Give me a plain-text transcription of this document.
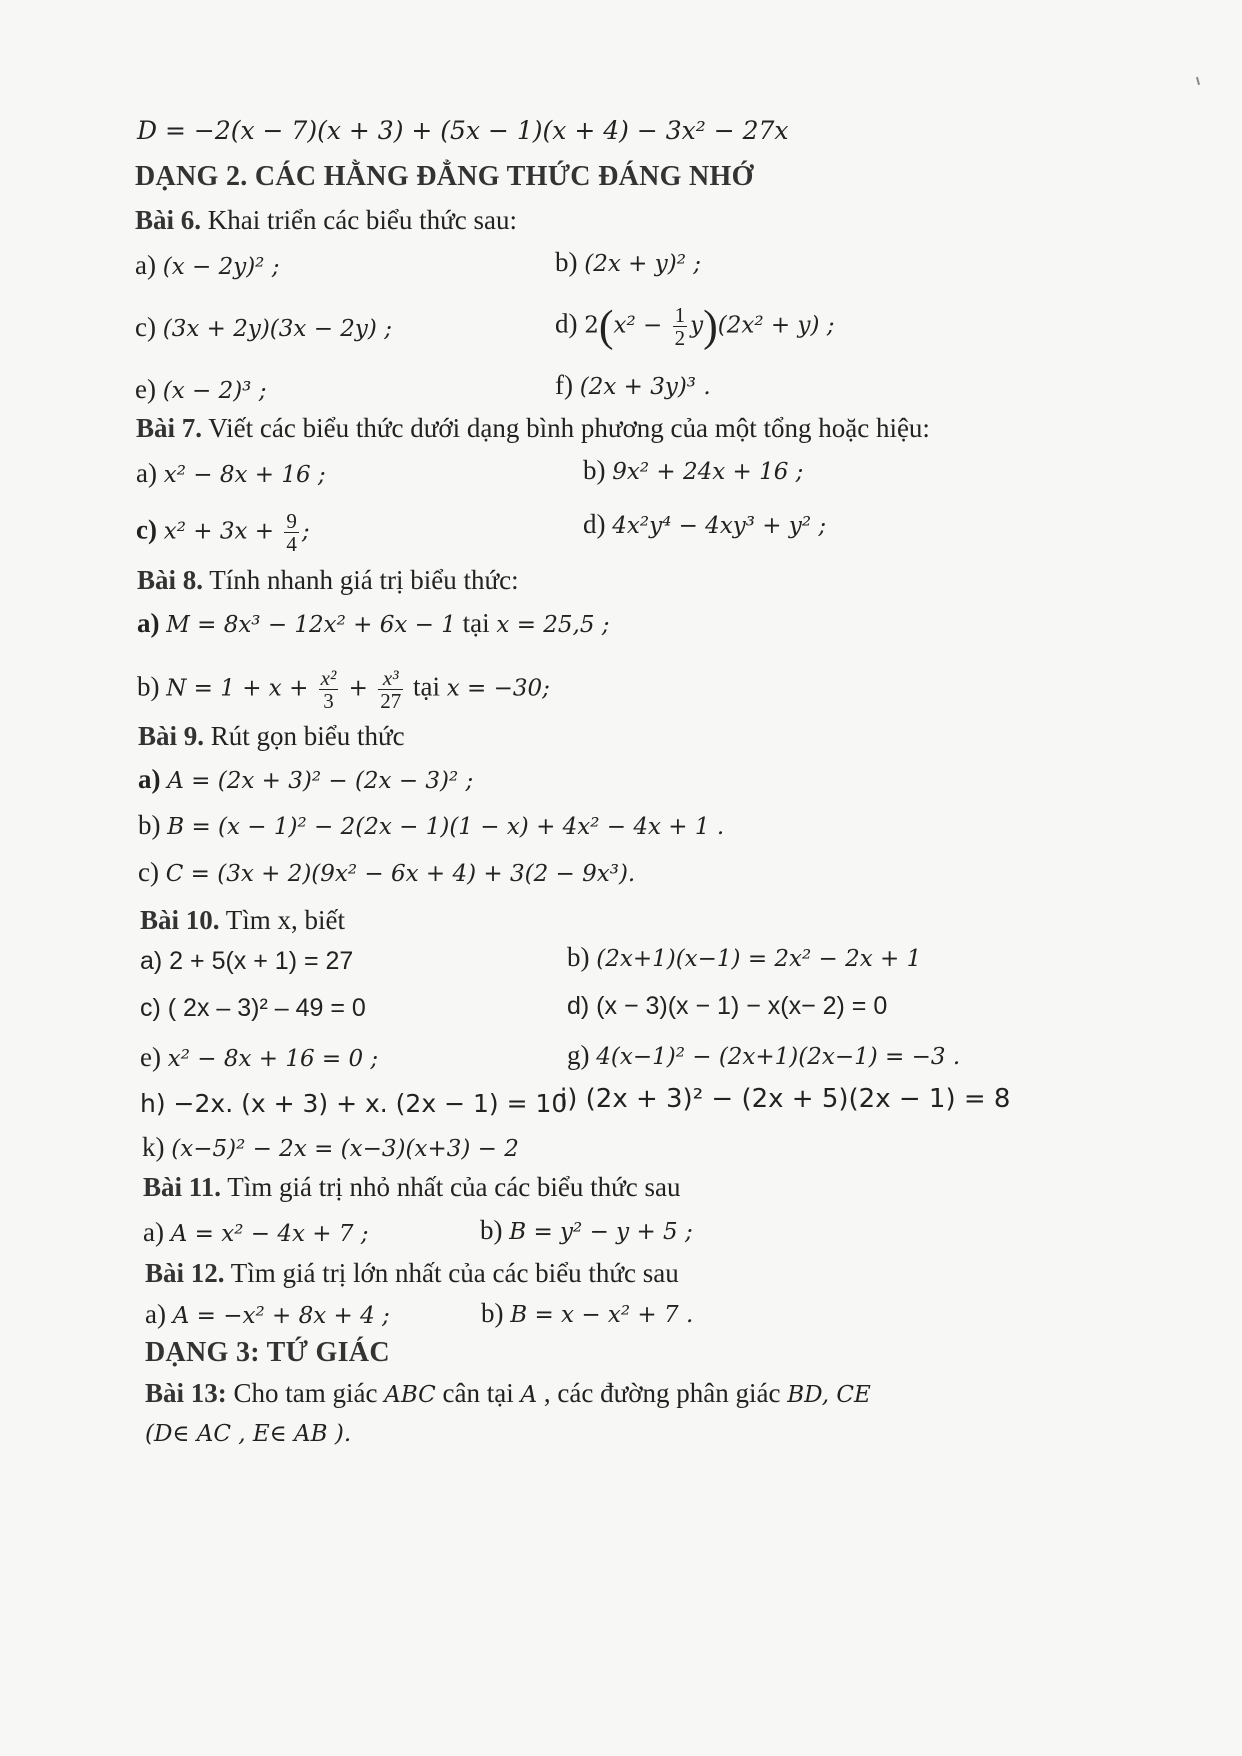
D = −2(x − 7)(x + 3) + (5x − 1)(x + 4) − 3x² − 27x
DẠNG 2. CÁC HẰNG ĐẲNG THỨC ĐÁNG NHỚ
Bài 6. Khai triển các biểu thức sau:
a) (x − 2y)² ;	b) (2x + y)² ;
c) (3x + 2y)(3x − 2y) ;	d) $2(x^2 - \frac{1}{2} y)(2x^2 + y)$ ;
e) (x − 2)³ ;	f) (2x + 3y)³ .
Bài 7. Viết các biểu thức dưới dạng bình phương của một tổng hoặc hiệu:
a) x² − 8x + 16 ;	b) 9x² + 24x + 16 ;
c) $x^2 + 3x + \frac{9}{4}$ ;	d) 4x²y⁴ − 4xy³ + y² ;
Bài 8. Tính nhanh giá trị biểu thức:
a) M = 8x³ − 12x² + 6x − 1 tại x = 25,5 ;
b) $N = 1 + x + \frac{\text{x²}}{3} + \frac{\text{x³}}{27}$ tại x = −30;
Bài 9. Rút gọn biểu thức
a) A = (2x + 3)² − (2x − 3)² ;
b) B = (x − 1)² − 2(2x − 1)(1 − x) + 4x² − 4x + 1 .
c) C = (3x + 2)(9x² − 6x + 4) + 3(2 − 9x³).
Bài 10. Tìm x, biết
a) 2 + 5(x + 1) = 27	b) (2x+1)(x−1) = 2x² − 2x + 1
c) ( 2x – 3)² – 49 = 0	d) (x − 3)(x − 1) − x(x− 2) = 0
e) x² − 8x + 16 = 0 ;	g) 4(x−1)² − (2x+1)(2x−1) = −3 .
h) −2x. (x + 3) + x. (2x − 1) = 10
i) (2x + 3)² − (2x + 5)(2x − 1) = 8
k) (x−5)² − 2x = (x−3)(x+3) − 2
Bài 11. Tìm giá trị nhỏ nhất của các biểu thức sau
a) A = x² − 4x + 7 ;	b) B = y² − y + 5 ;
Bài 12. Tìm giá trị lớn nhất của các biểu thức sau
a) A = −x² + 8x + 4 ;	b) B = x − x² + 7 .
DẠNG 3: TỨ GIÁC
Bài 13: Cho tam giác ABC cân tại A , các đường phân giác BD, CE
(D∈ AC , E∈ AB ).
